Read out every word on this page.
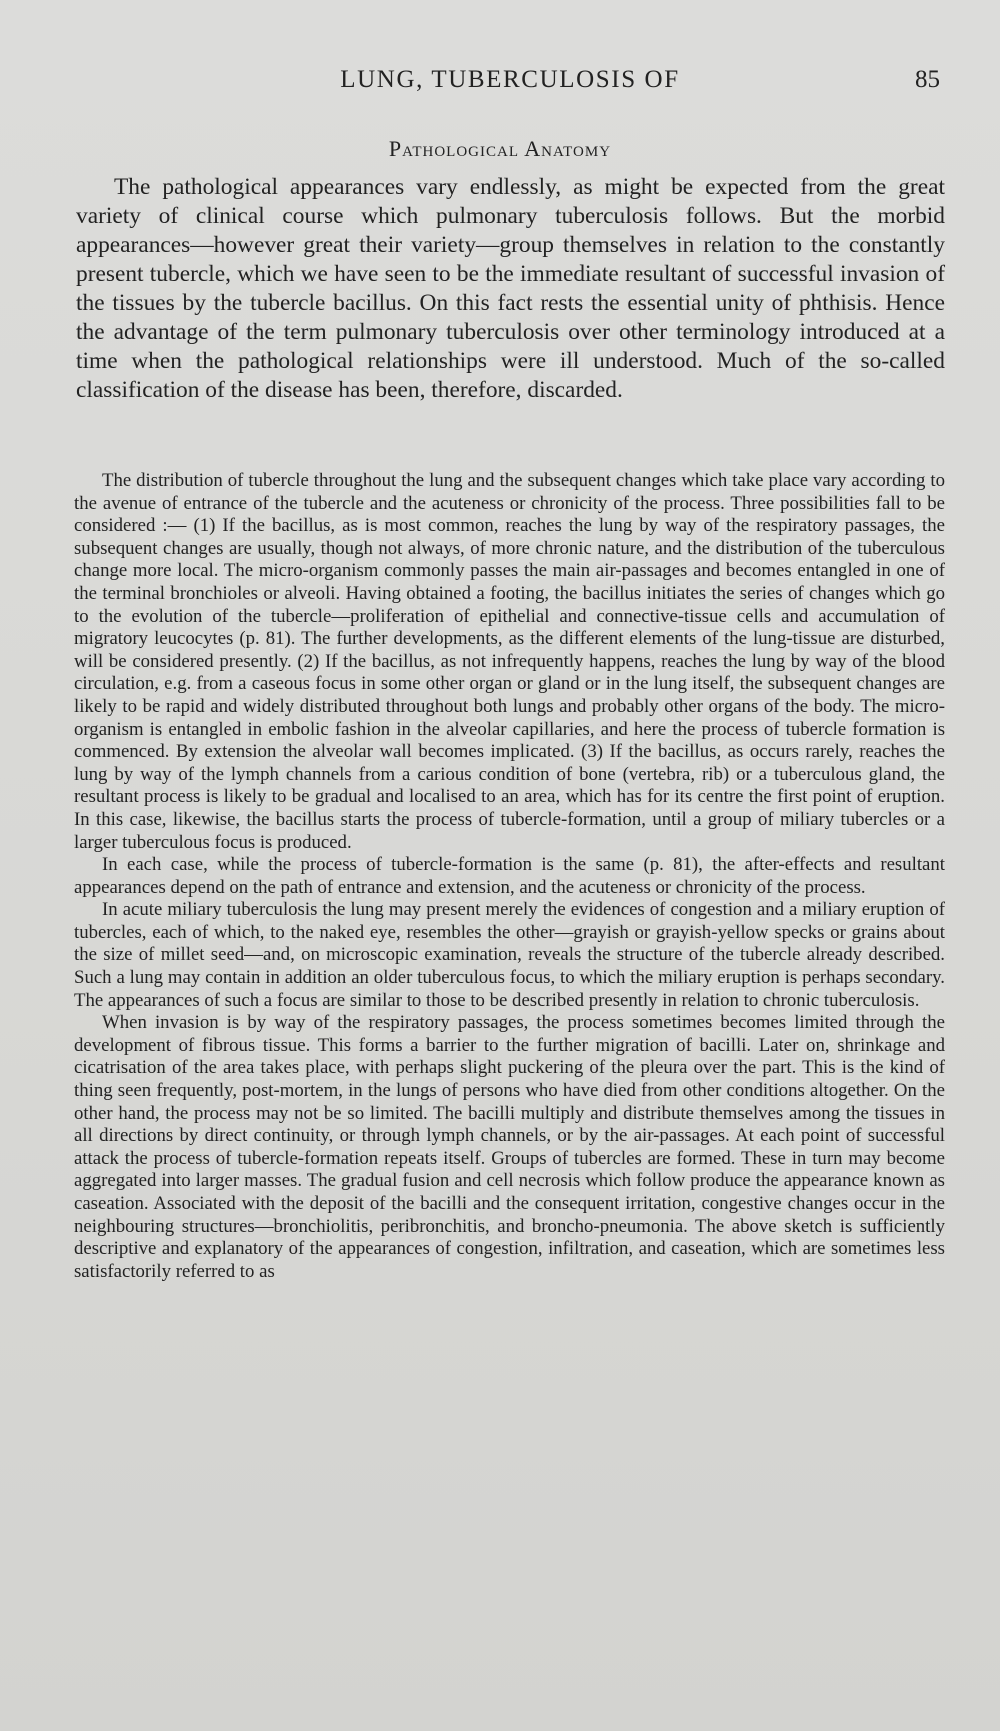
LUNG, TUBERCULOSIS OF	85
Pathological Anatomy

The pathological appearances vary endlessly, as might be expected from the great variety of clinical course which pulmonary tuberculosis follows. But the morbid appearances—however great their variety—group themselves in relation to the constantly present tubercle, which we have seen to be the immediate resultant of successful invasion of the tissues by the tubercle bacillus. On this fact rests the essential unity of phthisis. Hence the advantage of the term pulmonary tuberculosis over other terminology introduced at a time when the pathological relationships were ill understood. Much of the so-called classification of the disease has been, therefore, discarded.

The distribution of tubercle throughout the lung and the subsequent changes which take place vary according to the avenue of entrance of the tubercle and the acuteness or chronicity of the process. Three possibilities fall to be considered :— (1) If the bacillus, as is most common, reaches the lung by way of the respiratory passages, the subsequent changes are usually, though not always, of more chronic nature, and the distribution of the tuberculous change more local. The micro-organism commonly passes the main air-passages and becomes entangled in one of the terminal bronchioles or alveoli. Having obtained a footing, the bacillus initiates the series of changes which go to the evolution of the tubercle—proliferation of epithelial and connective-tissue cells and accumulation of migratory leucocytes (p. 81). The further developments, as the different elements of the lung-tissue are disturbed, will be considered presently. (2) If the bacillus, as not infrequently happens, reaches the lung by way of the blood circulation, e.g. from a caseous focus in some other organ or gland or in the lung itself, the subsequent changes are likely to be rapid and widely distributed throughout both lungs and probably other organs of the body. The micro-organism is entangled in embolic fashion in the alveolar capillaries, and here the process of tubercle formation is commenced. By extension the alveolar wall becomes implicated. (3) If the bacillus, as occurs rarely, reaches the lung by way of the lymph channels from a carious condition of bone (vertebra, rib) or a tuberculous gland, the resultant process is likely to be gradual and localised to an area, which has for its centre the first point of eruption. In this case, likewise, the bacillus starts the process of tubercle-formation, until a group of miliary tubercles or a larger tuberculous focus is produced.

In each case, while the process of tubercle-formation is the same (p. 81), the after-effects and resultant appearances depend on the path of entrance and extension, and the acuteness or chronicity of the process.

In acute miliary tuberculosis the lung may present merely the evidences of congestion and a miliary eruption of tubercles, each of which, to the naked eye, resembles the other—grayish or grayish-yellow specks or grains about the size of millet seed—and, on microscopic examination, reveals the structure of the tubercle already described. Such a lung may contain in addition an older tuberculous focus, to which the miliary eruption is perhaps secondary. The appearances of such a focus are similar to those to be described presently in relation to chronic tuberculosis.

When invasion is by way of the respiratory passages, the process sometimes becomes limited through the development of fibrous tissue. This forms a barrier to the further migration of bacilli. Later on, shrinkage and cicatrisation of the area takes place, with perhaps slight puckering of the pleura over the part. This is the kind of thing seen frequently, post-mortem, in the lungs of persons who have died from other conditions altogether. On the other hand, the process may not be so limited. The bacilli multiply and distribute themselves among the tissues in all directions by direct continuity, or through lymph channels, or by the air-passages. At each point of successful attack the process of tubercle-formation repeats itself. Groups of tubercles are formed. These in turn may become aggregated into larger masses. The gradual fusion and cell necrosis which follow produce the appearance known as caseation. Associated with the deposit of the bacilli and the consequent irritation, congestive changes occur in the neighbouring structures—bronchiolitis, peribronchitis, and broncho-pneumonia. The above sketch is sufficiently descriptive and explanatory of the appearances of congestion, infiltration, and caseation, which are sometimes less satisfactorily referred to as
